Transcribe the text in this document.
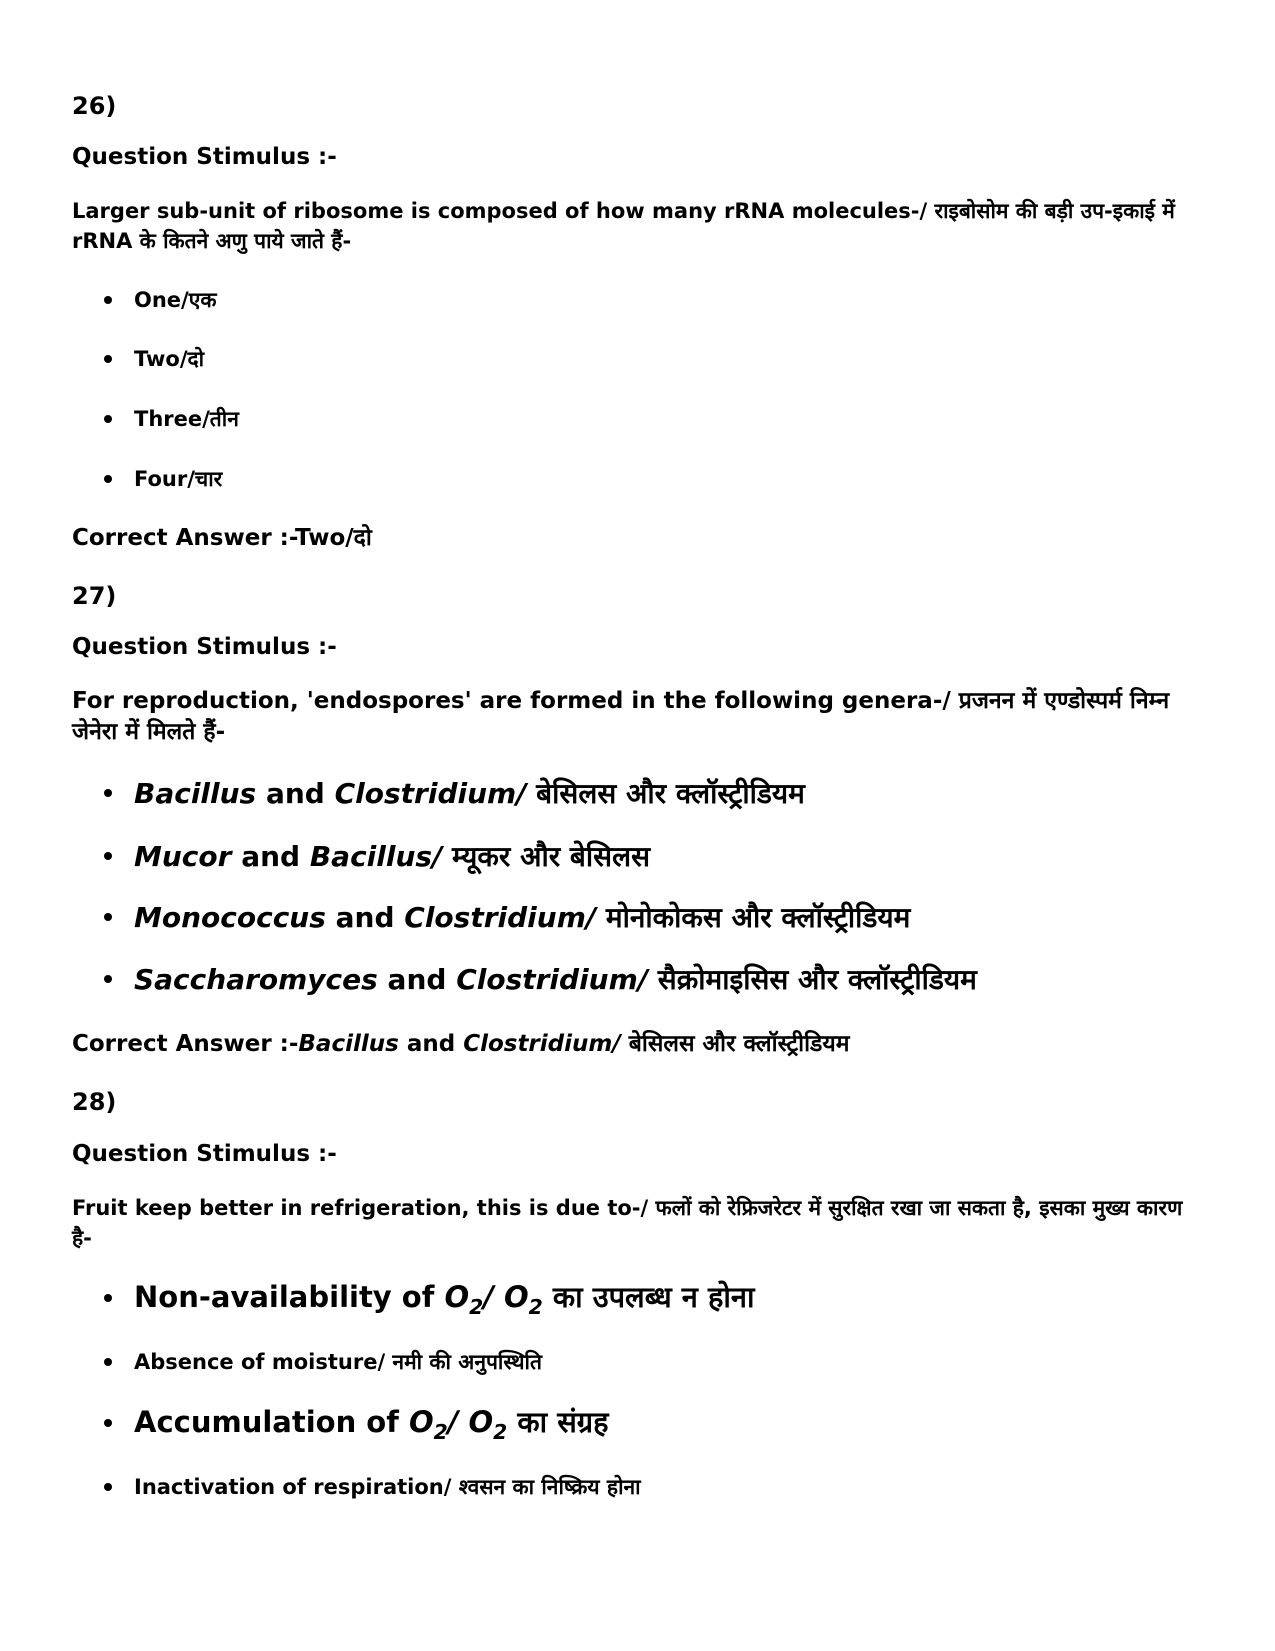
26)
Question Stimulus :-
Larger sub-unit of ribosome is composed of how many rRNA molecules-/ राइबोसोम की बड़ी उप-इकाई में rRNA के कितने अणु पाये जाते हैं-
One/एक
Two/दो
Three/तीन
Four/चार
Correct Answer :-Two/दो
27)
Question Stimulus :-
For reproduction, 'endospores' are formed in the following genera-/ प्रजनन में एण्डोस्पर्म निम्न जेनेरा में मिलते हैं-
Bacillus and Clostridium/ बेसिलस और क्लॉस्ट्रीडियम
Mucor and Bacillus/ म्यूकर और बेसिलस
Monococcus and Clostridium/ मोनोकोकस और क्लॉस्ट्रीडियम
Saccharomyces and Clostridium/ सैक्रोमाइसिस और क्लॉस्ट्रीडियम
Correct Answer :-Bacillus and Clostridium/ बेसिलस और क्लॉस्ट्रीडियम
28)
Question Stimulus :-
Fruit keep better in refrigeration, this is due to-/ फलों को रेफ्रिजरेटर में सुरक्षित रखा जा सकता है, इसका मुख्य कारण है-
Non-availability of $O_2/$ $O_2$ का उपलब्ध न होना
Absence of moisture/ नमी की अनुपस्थिति
Accumulation of $O_2/$ $O_2$ का संग्रह
Inactivation of respiration/ श्वसन का निष्क्रिय होना
